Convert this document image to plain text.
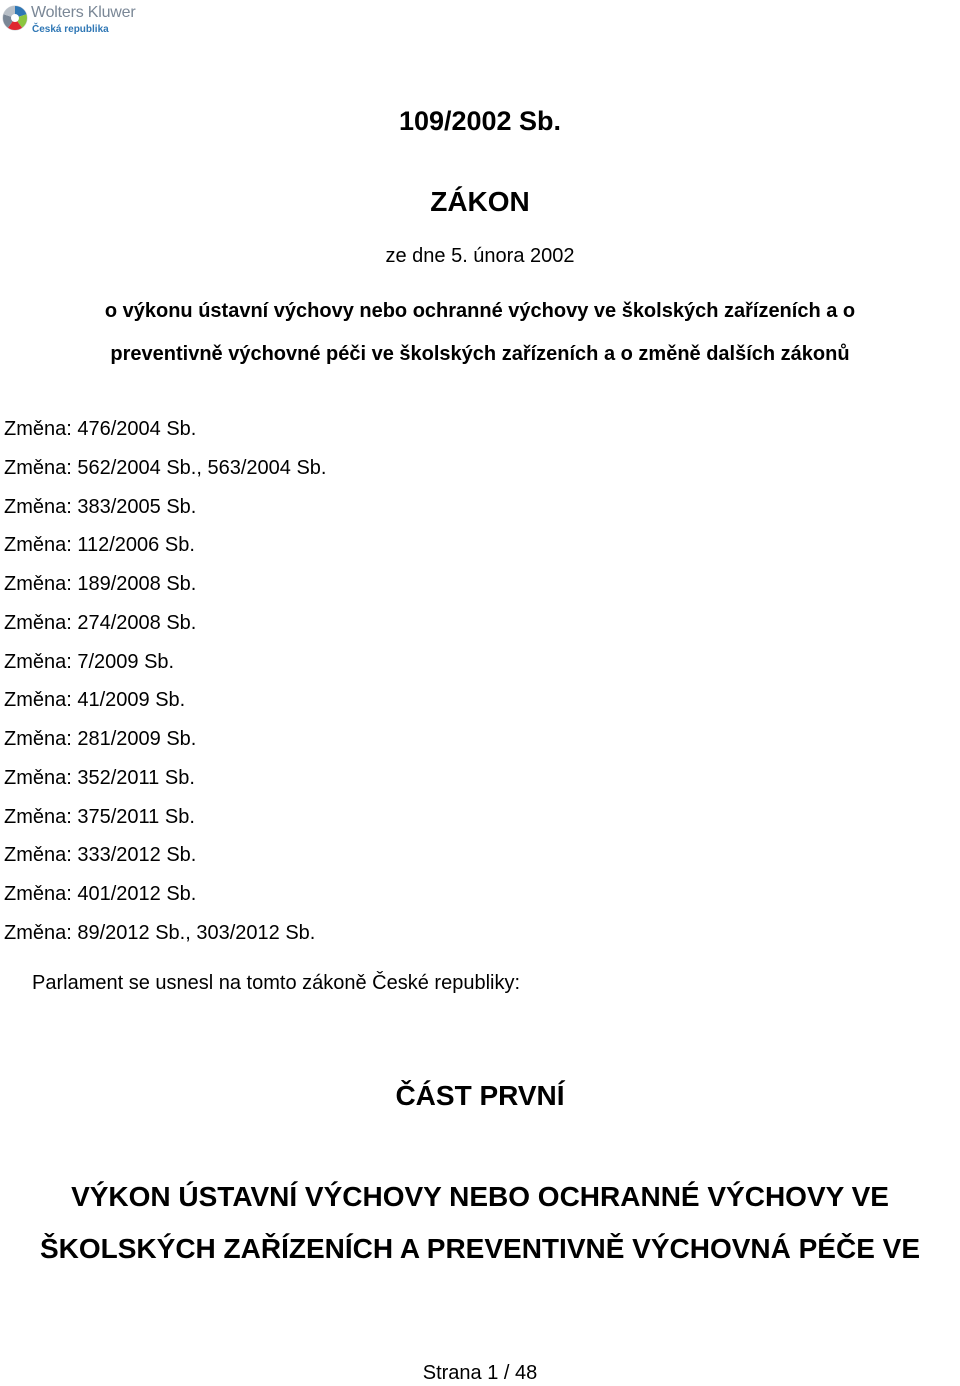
Wolters Kluwer
Česká republika
109/2002 Sb.
ZÁKON
ze dne 5. února 2002
o výkonu ústavní výchovy nebo ochranné výchovy ve školských zařízeních a o
preventivně výchovné péči ve školských zařízeních a o změně dalších zákonů
Změna: 476/2004 Sb.
Změna: 562/2004 Sb., 563/2004 Sb.
Změna: 383/2005 Sb.
Změna: 112/2006 Sb.
Změna: 189/2008 Sb.
Změna: 274/2008 Sb.
Změna: 7/2009 Sb.
Změna: 41/2009 Sb.
Změna: 281/2009 Sb.
Změna: 352/2011 Sb.
Změna: 375/2011 Sb.
Změna: 333/2012 Sb.
Změna: 401/2012 Sb.
Změna: 89/2012 Sb., 303/2012 Sb.
Parlament se usnesl na tomto zákoně České republiky:
ČÁST PRVNÍ
VÝKON ÚSTAVNÍ VÝCHOVY NEBO OCHRANNÉ VÝCHOVY VE
ŠKOLSKÝCH ZAŘÍZENÍCH A PREVENTIVNĚ VÝCHOVNÁ PÉČE VE
Strana 1 / 48
